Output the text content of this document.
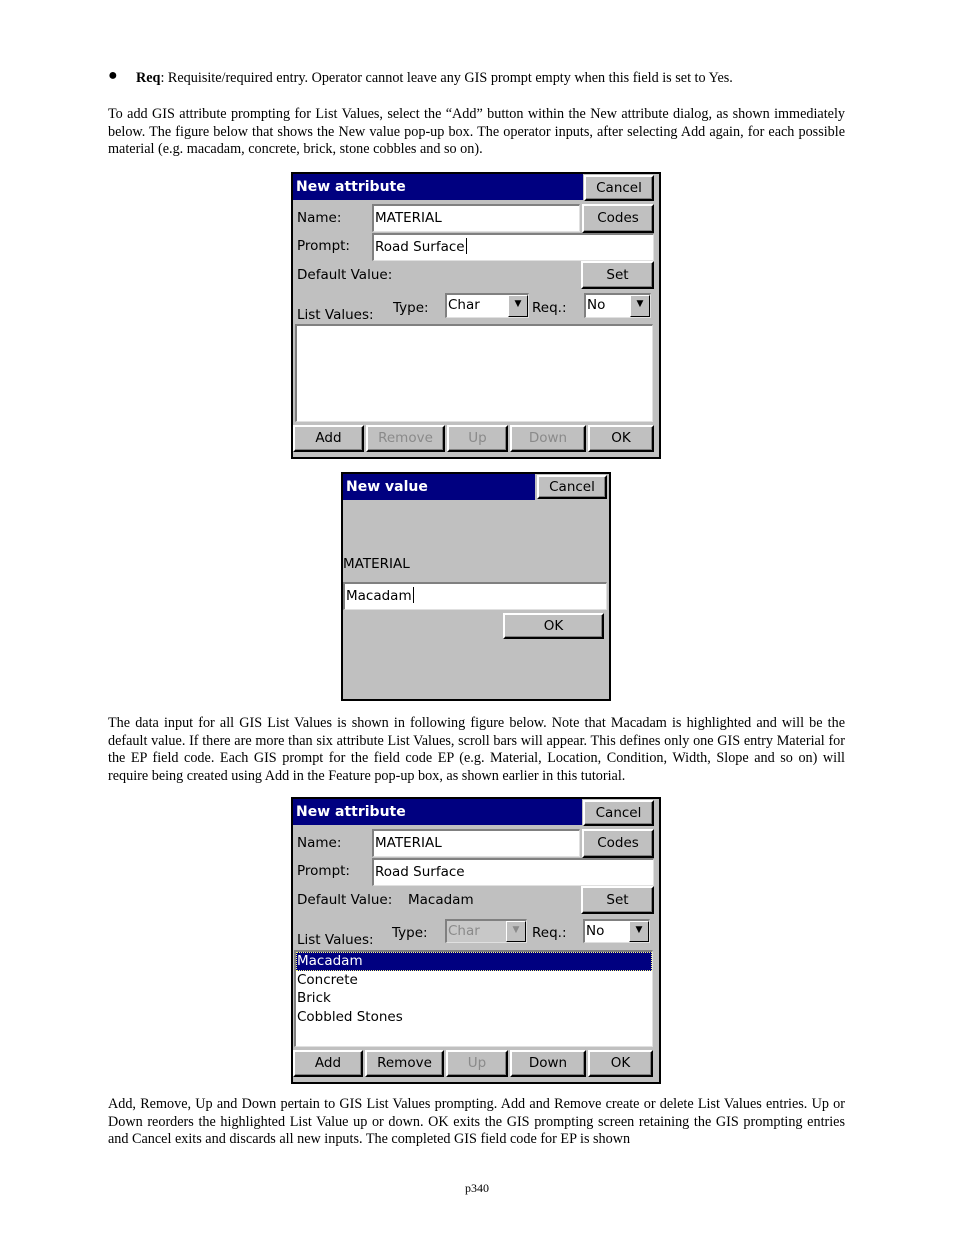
● Req: Requisite/required entry. Operator cannot leave any GIS prompt empty when this field is set to Yes.

To add GIS attribute prompting for List Values, select the “Add” button within the New attribute dialog, as shown immediately below. The figure below that shows the New value pop-up box. The operator inputs, after selecting Add again, for each possible material (e.g. macadam, concrete, brick, stone cobbles and so on).

New attribute	Cancel
Name: MATERIAL	Codes
Prompt: Road Surface
Default Value:	Set
List Values: Type: Char	▼ Req.: No	▼
Add	Remove	Up	Down	OK
New value	Cancel
MATERIAL
Macadam
OK

The data input for all GIS List Values is shown in following figure below. Note that Macadam is highlighted and will be the default value. If there are more than six attribute List Values, scroll bars will appear. This defines only one GIS entry Material for the EP field code. Each GIS prompt for the field code EP (e.g. Material, Location, Condition, Width, Slope and so on) will require being created using Add in the Feature pop-up box, as shown earlier in this tutorial.

New attribute	Cancel
Name: MATERIAL	Codes
Prompt: Road Surface
Default Value: Macadam	Set
List Values: Type: Char	▼ Req.: No	▼
Macadam
Concrete
Brick
Cobbled Stones
Add	Remove	Up	Down	OK

Add, Remove, Up and Down pertain to GIS List Values prompting. Add and Remove create or delete List Values entries. Up or Down reorders the highlighted List Value up or down. OK exits the GIS prompting screen retaining the GIS prompting entries and Cancel exits and discards all new inputs. The completed GIS field code for EP is shown

p340
